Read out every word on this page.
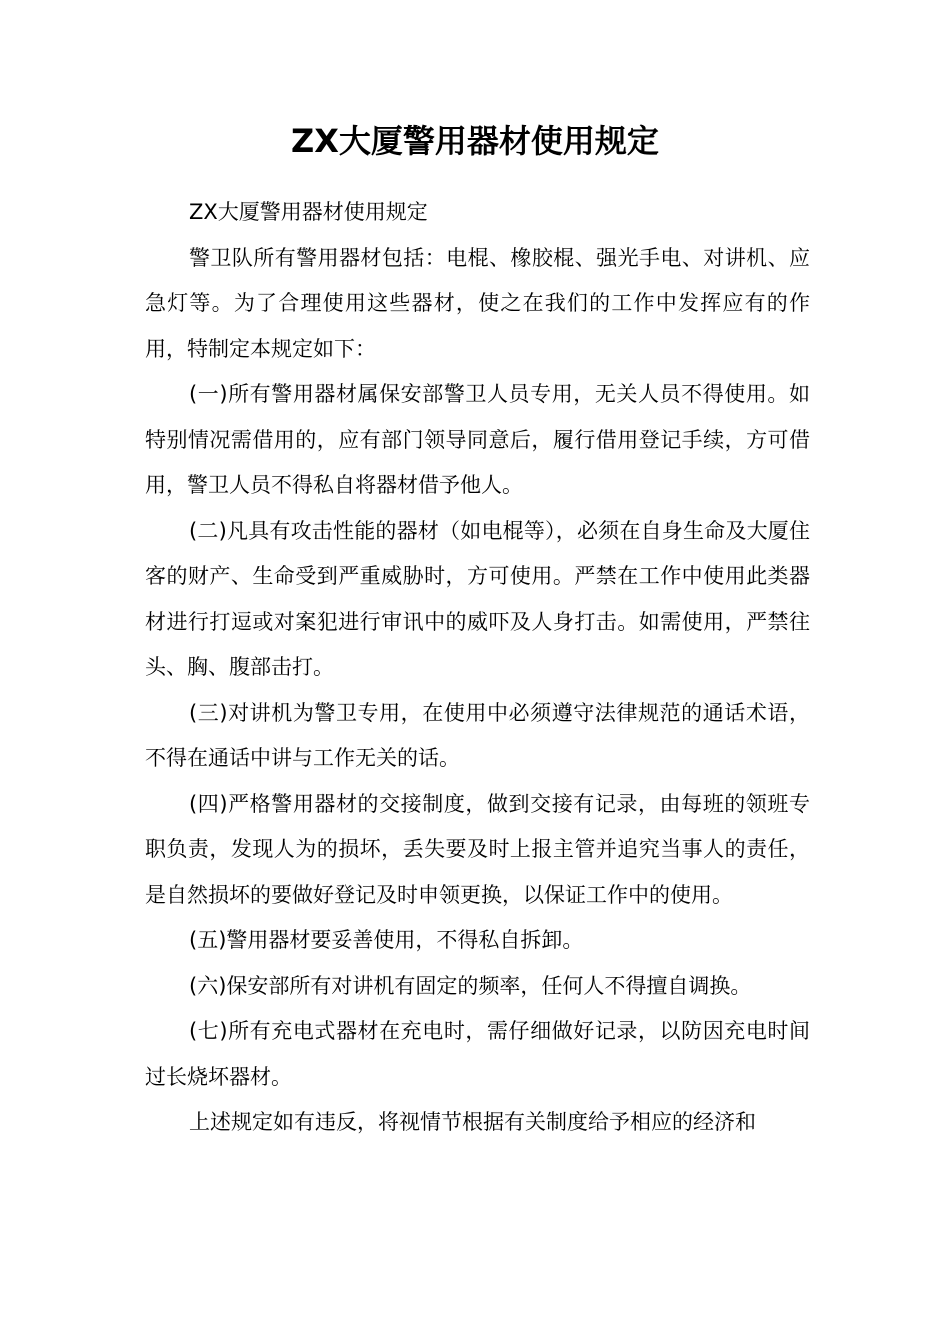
ZX大厦警用器材使用规定

ZX大厦警用器材使用规定

警卫队所有警用器材包括：电棍、橡胶棍、强光手电、对讲机、应急灯等。为了合理使用这些器材，使之在我们的工作中发挥应有的作用，特制定本规定如下：

(一)所有警用器材属保安部警卫人员专用，无关人员不得使用。如特别情况需借用的，应有部门领导同意后，履行借用登记手续，方可借用，警卫人员不得私自将器材借予他人。

(二)凡具有攻击性能的器材（如电棍等），必须在自身生命及大厦住客的财产、生命受到严重威胁时，方可使用。严禁在工作中使用此类器材进行打逗或对案犯进行审讯中的威吓及人身打击。如需使用，严禁往头、胸、腹部击打。

(三)对讲机为警卫专用，在使用中必须遵守法律规范的通话术语，不得在通话中讲与工作无关的话。

(四)严格警用器材的交接制度，做到交接有记录，由每班的领班专职负责，发现人为的损坏，丢失要及时上报主管并追究当事人的责任，是自然损坏的要做好登记及时申领更换，以保证工作中的使用。

(五)警用器材要妥善使用，不得私自拆卸。

(六)保安部所有对讲机有固定的频率，任何人不得擅自调换。

(七)所有充电式器材在充电时，需仔细做好记录，以防因充电时间过长烧坏器材。

上述规定如有违反，将视情节根据有关制度给予相应的经济和
